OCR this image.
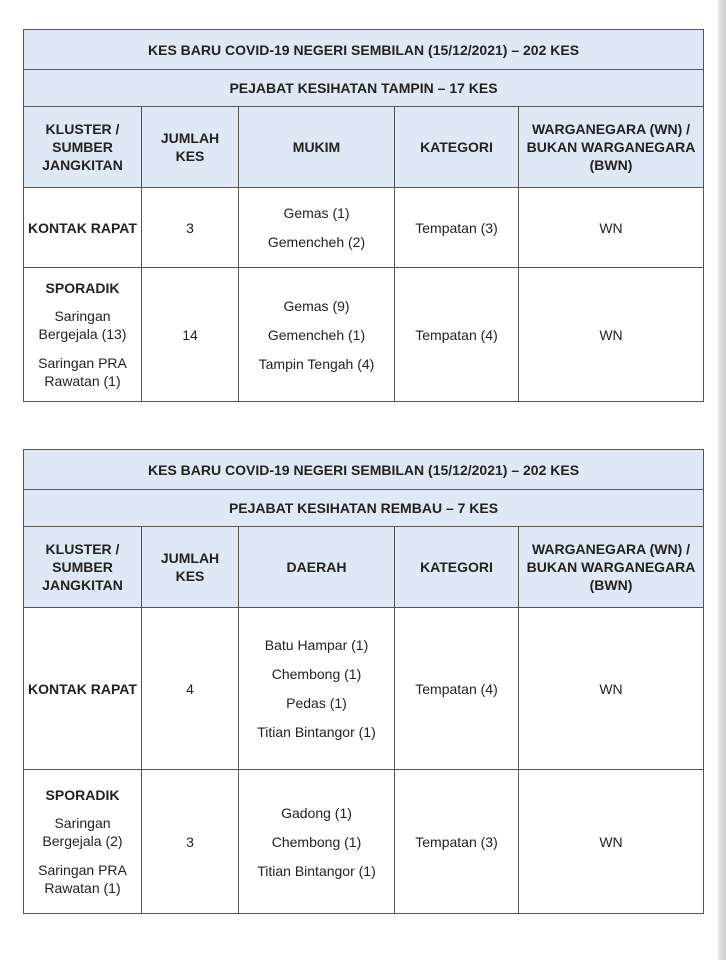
KES BARU COVID-19 NEGERI SEMBILAN (15/12/2021) – 202 KES				
PEJABAT KESIHATAN TAMPIN – 17 KES				
KLUSTER / SUMBER JANGKITAN	JUMLAH KES	MUKIM	KATEGORI	WARGANEGARA (WN) / BUKAN WARGANEGARA (BWN)
KONTAK RAPAT	3	Gemas (1)
Gemencheh (2)	Tempatan (3)	WN

SPORADIK
Saringan Bergejala (13)
Saringan PRA Rawatan (1)	14	Gemas (9)
Gemencheh (1)
Tampin Tengah (4)	Tempatan (4)	WN
KES BARU COVID-19 NEGERI SEMBILAN (15/12/2021) – 202 KES				
PEJABAT KESIHATAN REMBAU – 7 KES				
KLUSTER / SUMBER JANGKITAN	JUMLAH KES	DAERAH	KATEGORI	WARGANEGARA (WN) / BUKAN WARGANEGARA (BWN)
KONTAK RAPAT	4	Batu Hampar (1)
Chembong (1)
Pedas (1)
Titian Bintangor (1)	Tempatan (4)	WN

SPORADIK
Saringan Bergejala (2)
Saringan PRA Rawatan (1)	3	Gadong (1)
Chembong (1)
Titian Bintangor (1)	Tempatan (3)	WN
